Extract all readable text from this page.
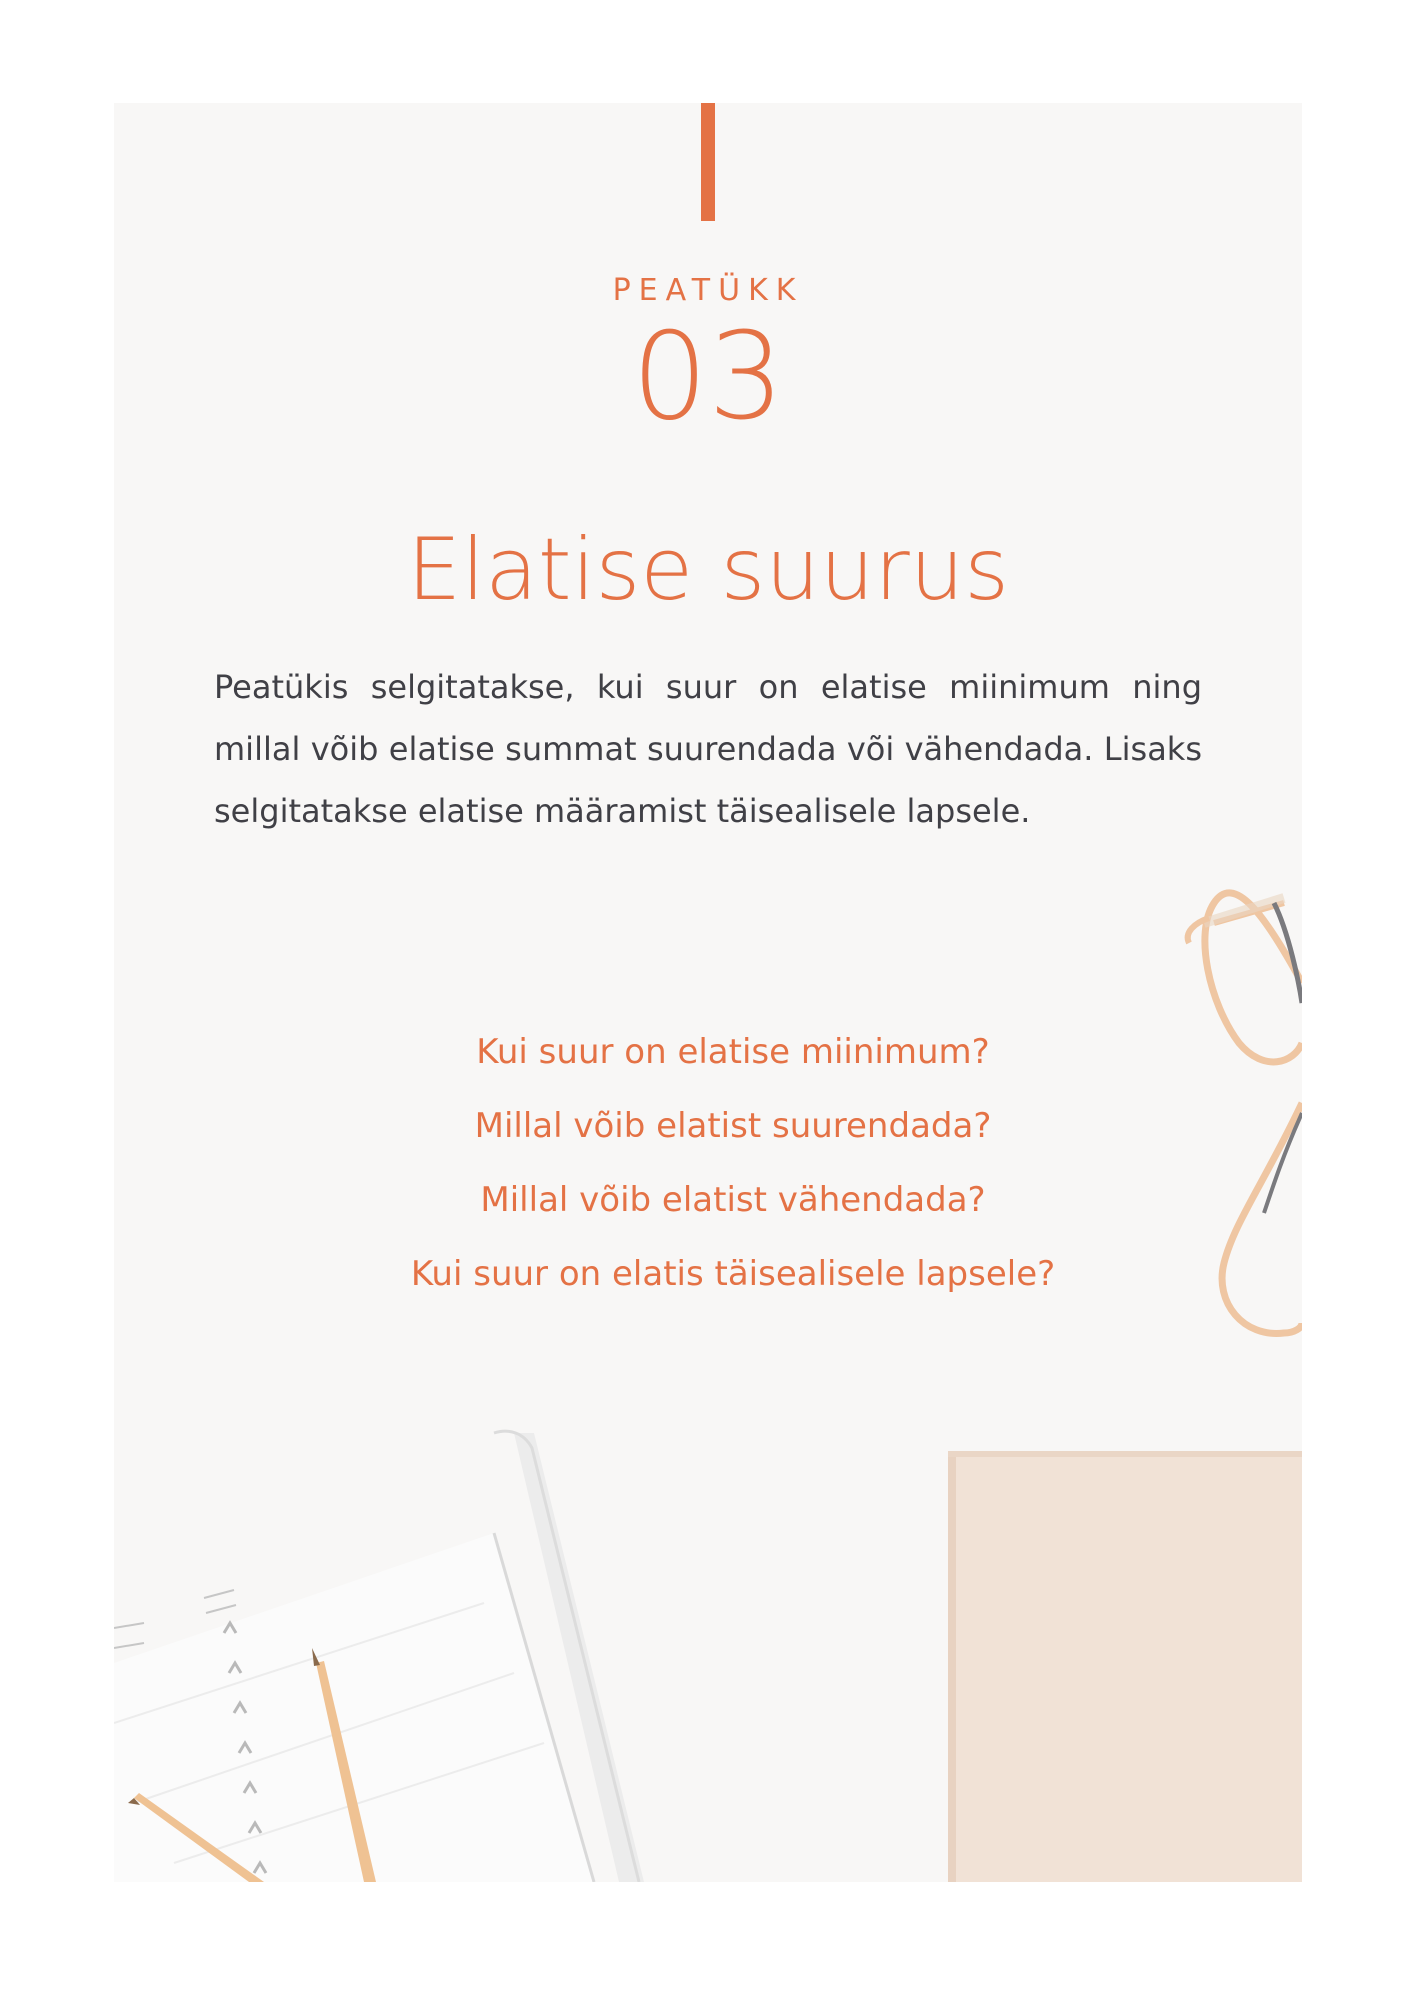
PEATÜKK
03
Elatise suurus

Peatükis selgitatakse, kui suur on elatise miinimum ning millal võib elatise summat suurendada või vähendada. Lisaks selgitatakse elatise määramist täisealisele lapsele.

Kui suur on elatise miinimum?
Millal võib elatist suurendada?
Millal võib elatist vähendada?
Kui suur on elatis täisealisele lapsele?
